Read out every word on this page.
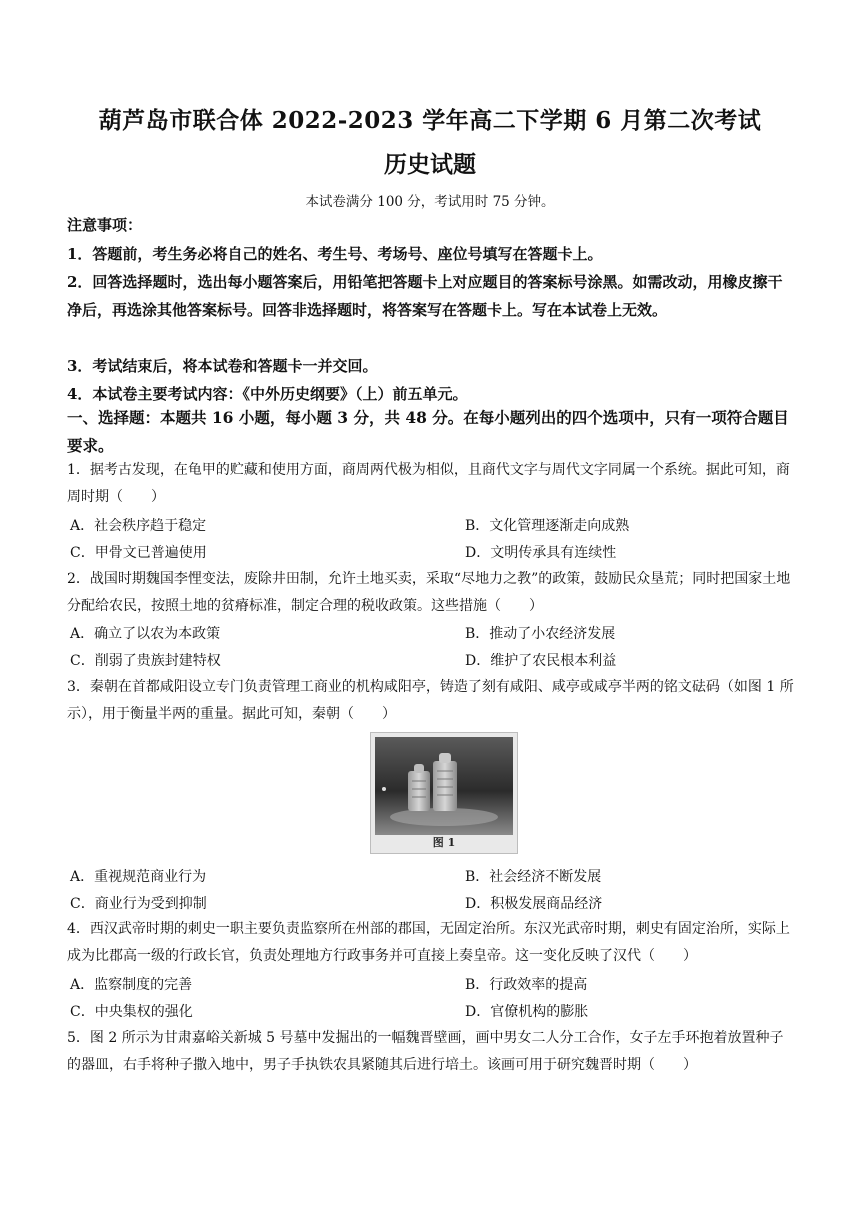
葫芦岛市联合体 2022-2023 学年高二下学期 6 月第二次考试
历史试题
本试卷满分 100 分，考试用时 75 分钟。
注意事项：
1．答题前，考生务必将自己的姓名、考生号、考场号、座位号填写在答题卡上。
2．回答选择题时，选出每小题答案后，用铅笔把答题卡上对应题目的答案标号涂黑。如需改动，用橡皮擦干净后，再选涂其他答案标号。回答非选择题时，将答案写在答题卡上。写在本试卷上无效。
3．考试结束后，将本试卷和答题卡一并交回。
4．本试卷主要考试内容：《中外历史纲要》（上）前五单元。
一、选择题：本题共 16 小题，每小题 3 分，共 48 分。在每小题列出的四个选项中，只有一项符合题目要求。
1．据考古发现，在龟甲的贮藏和使用方面，商周两代极为相似，且商代文字与周代文字同属一个系统。据此可知，商周时期（　　）
A．社会秩序趋于稳定	B．文化管理逐渐走向成熟
C．甲骨文已普遍使用	D．文明传承具有连续性
2．战国时期魏国李悝变法，废除井田制，允许土地买卖，采取“尽地力之教”的政策，鼓励民众垦荒；同时把国家土地分配给农民，按照土地的贫瘠标准，制定合理的税收政策。这些措施（　　）
A．确立了以农为本政策	B．推动了小农经济发展
C．削弱了贵族封建特权	D．维护了农民根本利益
3．秦朝在首都咸阳设立专门负责管理工商业的机构咸阳亭，铸造了刻有咸阳、咸亭或咸亭半两的铭文砝码（如图 1 所示），用于衡量半两的重量。据此可知，秦朝（　　）
图 1
A．重视规范商业行为	B．社会经济不断发展
C．商业行为受到抑制	D．积极发展商品经济
4．西汉武帝时期的刺史一职主要负责监察所在州部的郡国，无固定治所。东汉光武帝时期，刺史有固定治所，实际上成为比郡高一级的行政长官，负责处理地方行政事务并可直接上奏皇帝。这一变化反映了汉代（　　）
A．监察制度的完善	B．行政效率的提高
C．中央集权的强化	D．官僚机构的膨胀
5．图 2 所示为甘肃嘉峪关新城 5 号墓中发掘出的一幅魏晋壁画，画中男女二人分工合作，女子左手环抱着放置种子的器皿，右手将种子撒入地中，男子手执铁农具紧随其后进行培土。该画可用于研究魏晋时期（　　）
